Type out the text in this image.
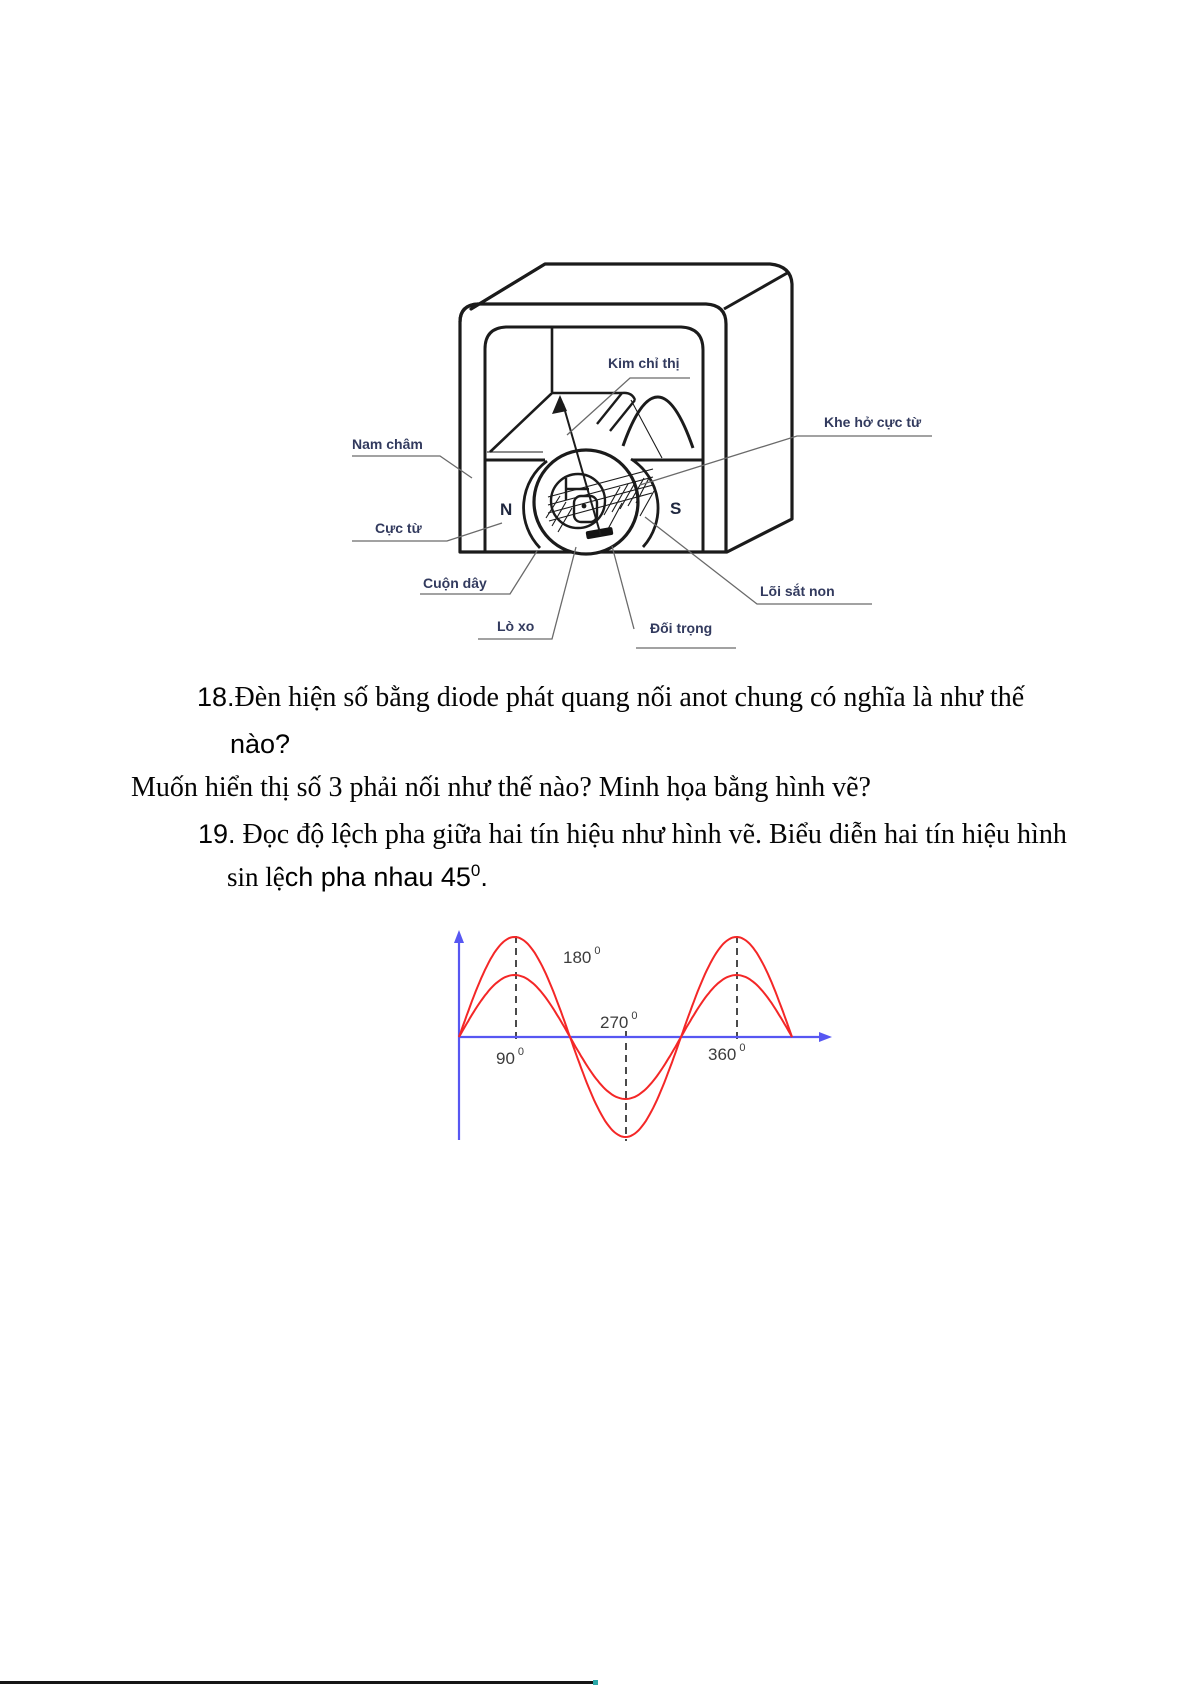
Kim chỉ thị
Nam châm
Khe hở cực từ
Cực từ
Cuộn dây
Lò xo	Đối trọng
Lõi sắt non
N	S
18.Đèn hiện số bằng diode phát quang nối anot chung có nghĩa là như thế
nào?
Muốn hiển thị số 3 phải nối như thế nào? Minh họa bằng hình vẽ?
19. Đọc độ lệch pha giữa hai tín hiệu như hình vẽ. Biểu diễn hai tín hiệu hình
sin lệch pha nhau $45^0$.
90 $^0$
180 $^0$
270 $^0$
360 $^0$
